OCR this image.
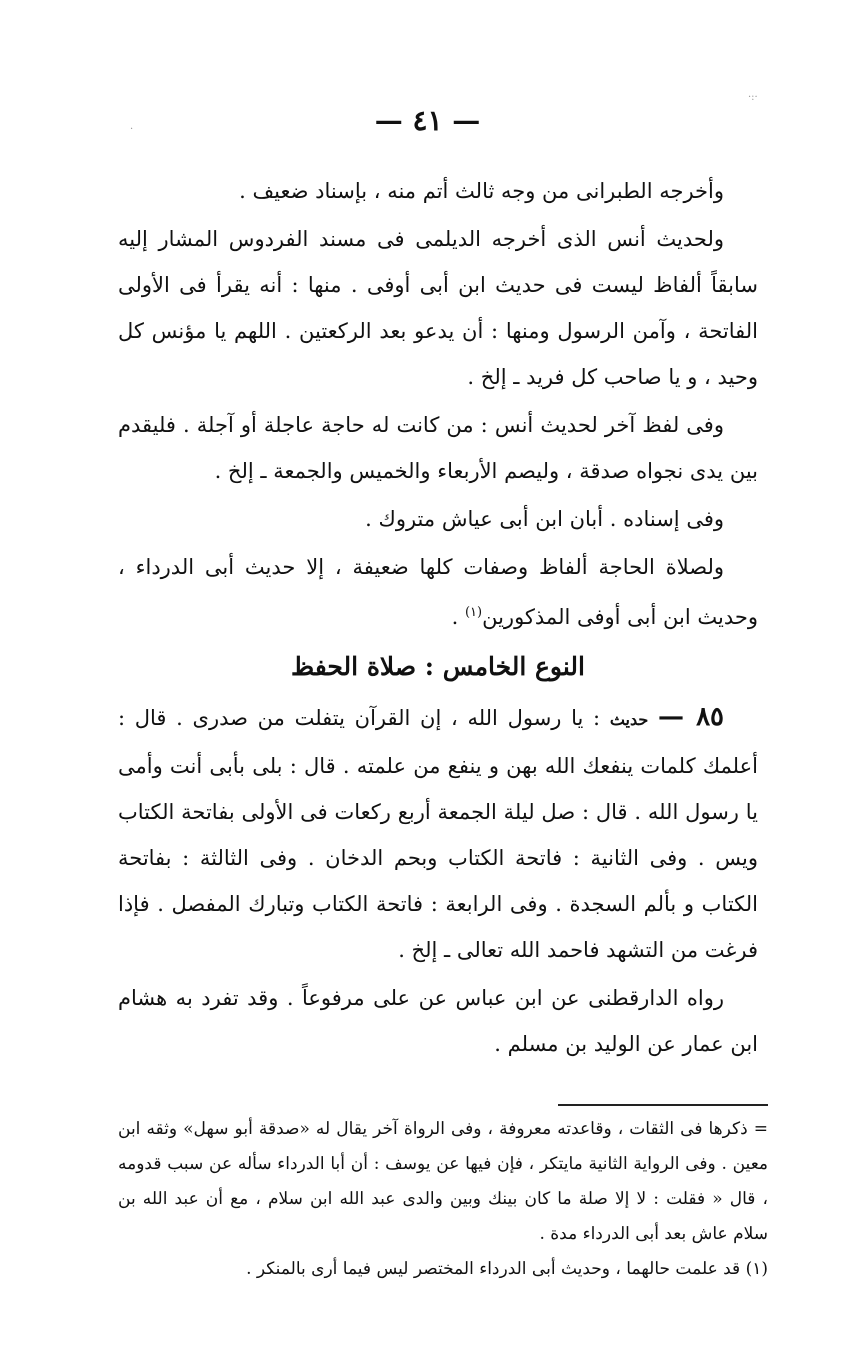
·:·
·	— ٤١ —

وأخرجه الطبرانى من وجه ثالث أتم منه ، بإسناد ضعيف .

ولحديث أنس الذى أخرجه الديلمى فى مسند الفردوس المشار إليه سابقاً ألفاظ ليست فى حديث ابن أبى أوفى . منها : أنه يقرأ فى الأولى الفاتحة ، وآمن الرسول ومنها : أن يدعو بعد الركعتين . اللهم يا مؤنس كل وحيد ، و يا صاحب كل فريد ـ إلخ .

وفى لفظ آخر لحديث أنس : من كانت له حاجة عاجلة أو آجلة . فليقدم بين يدى نجواه صدقة ، وليصم الأربعاء والخميس والجمعة ـ إلخ .

وفى إسناده . أبان ابن أبى عياش متروك .

ولصلاة الحاجة ألفاظ وصفات كلها ضعيفة ، إلا حديث أبى الدرداء ، وحديث ابن أبى أوفى المذكورين$^{(١)}$ .

النوع الخامس : صلاة الحفظ

٨٥ — حديث : يا رسول الله ، إن القرآن يتفلت من صدرى . قال : أعلمك كلمات ينفعك الله بهن و ينفع من علمته . قال : بلى بأبى أنت وأمى يا رسول الله . قال : صل ليلة الجمعة أربع ركعات فى الأولى بفاتحة الكتاب ويس . وفى الثانية : فاتحة الكتاب وبحم الدخان . وفى الثالثة : بفاتحة الكتاب و بألم السجدة . وفى الرابعة : فاتحة الكتاب وتبارك المفصل . فإذا فرغت من التشهد فاحمد الله تعالى ـ إلخ .

رواه الدارقطنى عن ابن عباس عن على مرفوعاً . وقد تفرد به هشام ابن عمار عن الوليد بن مسلم .

= ذكرها فى الثقات ، وقاعدته معروفة ، وفى الرواة آخر يقال له «صدقة أبو سهل» وثقه ابن معين . وفى الرواية الثانية مايتكر ، فإن فيها عن يوسف : أن أبا الدرداء سأله عن سبب قدومه ، قال « فقلت : لا إلا صلة ما كان بينك وبين والدى عبد الله ابن سلام ، مع أن عبد الله بن سلام عاش بعد أبى الدرداء مدة .

(١) قد علمت حالهما ، وحديث أبى الدرداء المختصر ليس فيما أرى بالمنكر .
